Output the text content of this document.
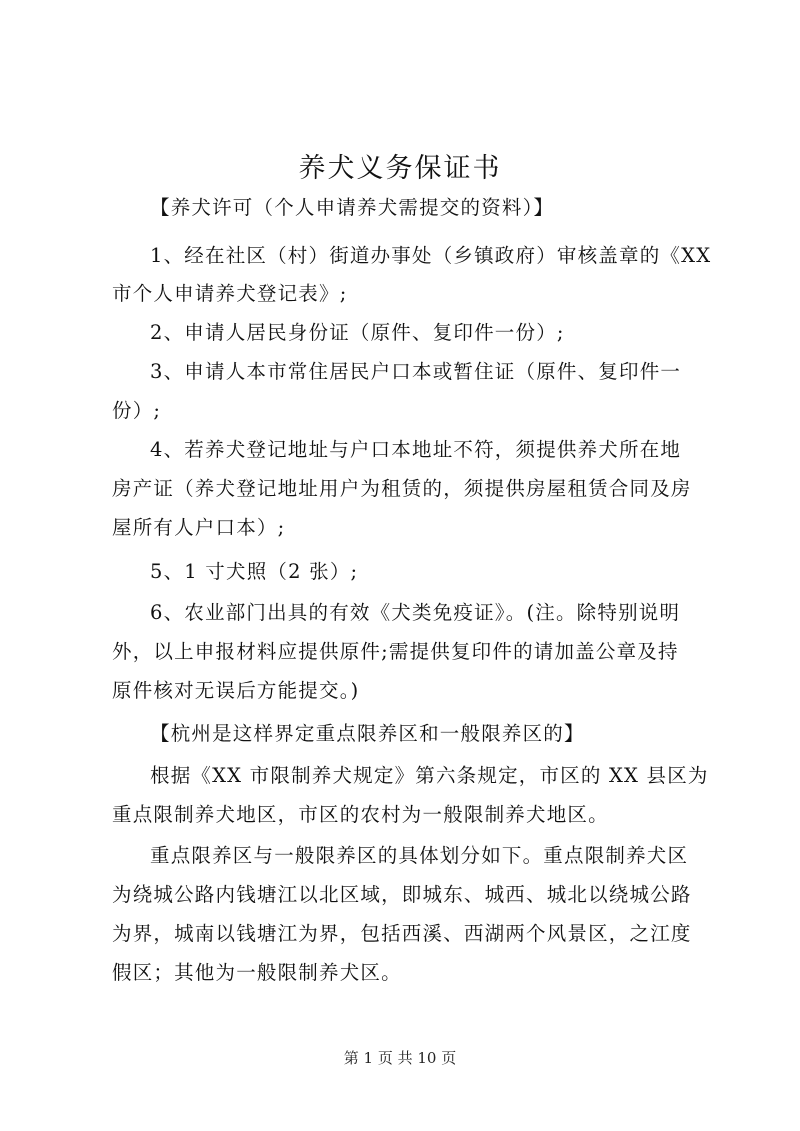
养犬义务保证书

【养犬许可（个人申请养犬需提交的资料）】

1、经在社区（村）街道办事处（乡镇政府）审核盖章的《XX

市个人申请养犬登记表》;

2、申请人居民身份证（原件、复印件一份）;

3、申请人本市常住居民户口本或暂住证（原件、复印件一

份）;

4、若养犬登记地址与户口本地址不符，须提供养犬所在地

房产证（养犬登记地址用户为租赁的，须提供房屋租赁合同及房

屋所有人户口本）;

5、1 寸犬照（2 张）;

6、农业部门出具的有效《犬类免疫证》。(注。除特别说明

外，以上申报材料应提供原件;需提供复印件的请加盖公章及持

原件核对无误后方能提交。)

【杭州是这样界定重点限养区和一般限养区的】

根据《XX 市限制养犬规定》第六条规定，市区的 XX 县区为

重点限制养犬地区，市区的农村为一般限制养犬地区。

重点限养区与一般限养区的具体划分如下。重点限制养犬区

为绕城公路内钱塘江以北区域，即城东、城西、城北以绕城公路

为界，城南以钱塘江为界，包括西溪、西湖两个风景区，之江度

假区；其他为一般限制养犬区。

第 1 页 共 10 页
